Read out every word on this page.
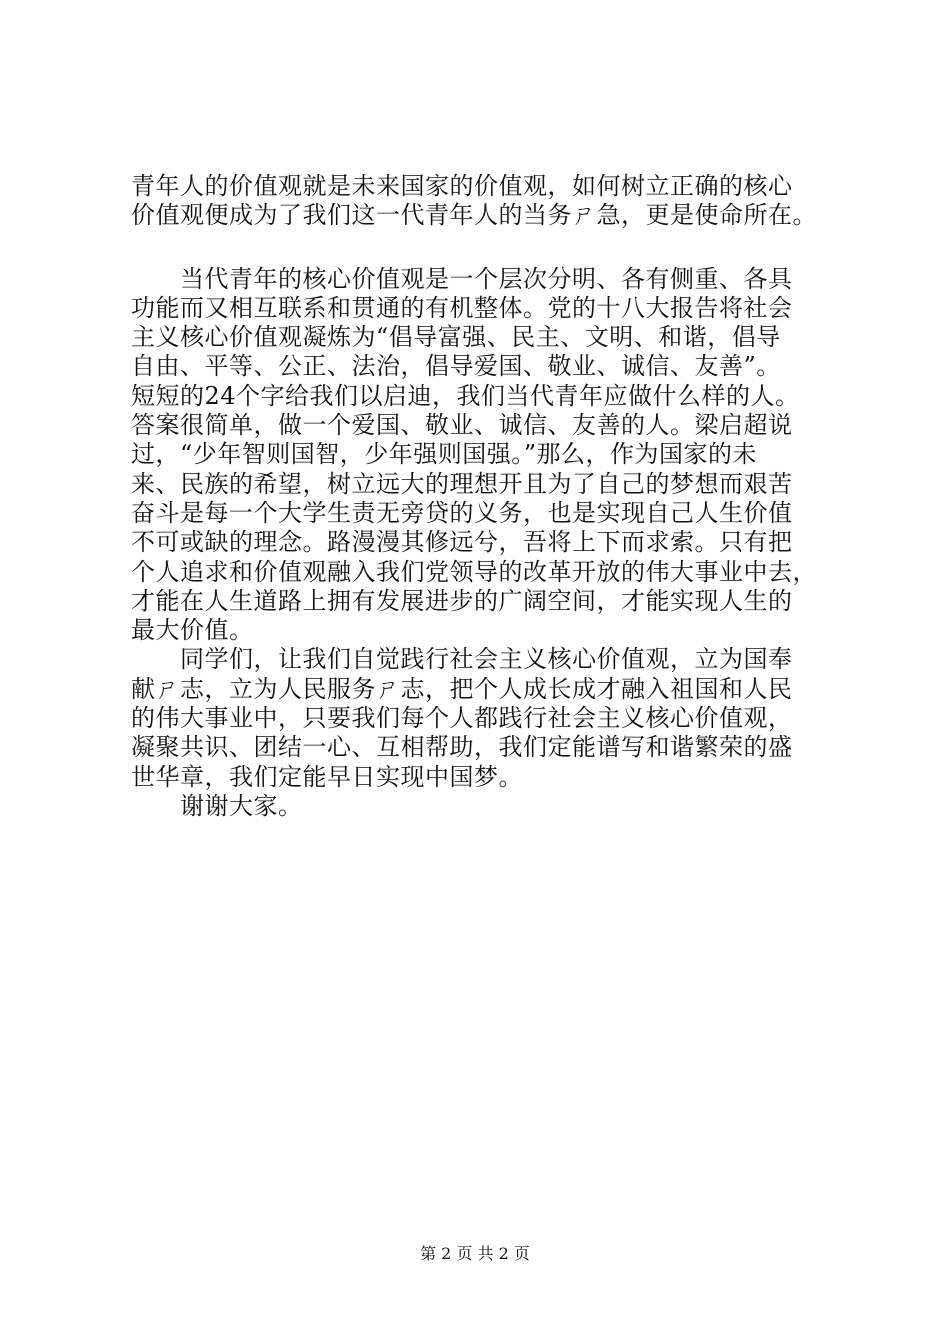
青年人的价值观就是未来国家的价值观，如何树立正确的核心
价值观便成为了我们这一代青年人的当务ㄕ急，更是使命所在。
　　当代青年的核心价值观是一个层次分明、各有侧重、各具
功能而又相互联系和贯通的有机整体。党的十八大报告将社会
主义核心价值观凝炼为“倡导富强、民主、文明、和谐，倡导
自由、平等、公正、法治，倡导爱国、敬业、诚信、友善”。
短短的24个字给我们以启迪，我们当代青年应做什么样的人。
答案很简单，做一个爱国、敬业、诚信、友善的人。梁启超说
过，“少年智则国智，少年强则国强。”那么，作为国家的未
来、民族的希望，树立远大的理想开且为了自己的梦想而艰苦
奋斗是每一个大学生责无旁贷的义务，也是实现自己人生价值
不可或缺的理念。路漫漫其修远兮，吾将上下而求索。只有把
个人追求和价值观融入我们党领导的改革开放的伟大事业中去，
才能在人生道路上拥有发展进步的广阔空间，才能实现人生的
最大价值。
　　同学们，让我们自觉践行社会主义核心价值观，立为国奉
献ㄕ志，立为人民服务ㄕ志，把个人成长成才融入祖国和人民
的伟大事业中，只要我们每个人都践行社会主义核心价值观，
凝聚共识、团结一心、互相帮助，我们定能谱写和谐繁荣的盛
世华章，我们定能早日实现中国梦。
　　谢谢大家。
第 2 页 共 2 页
